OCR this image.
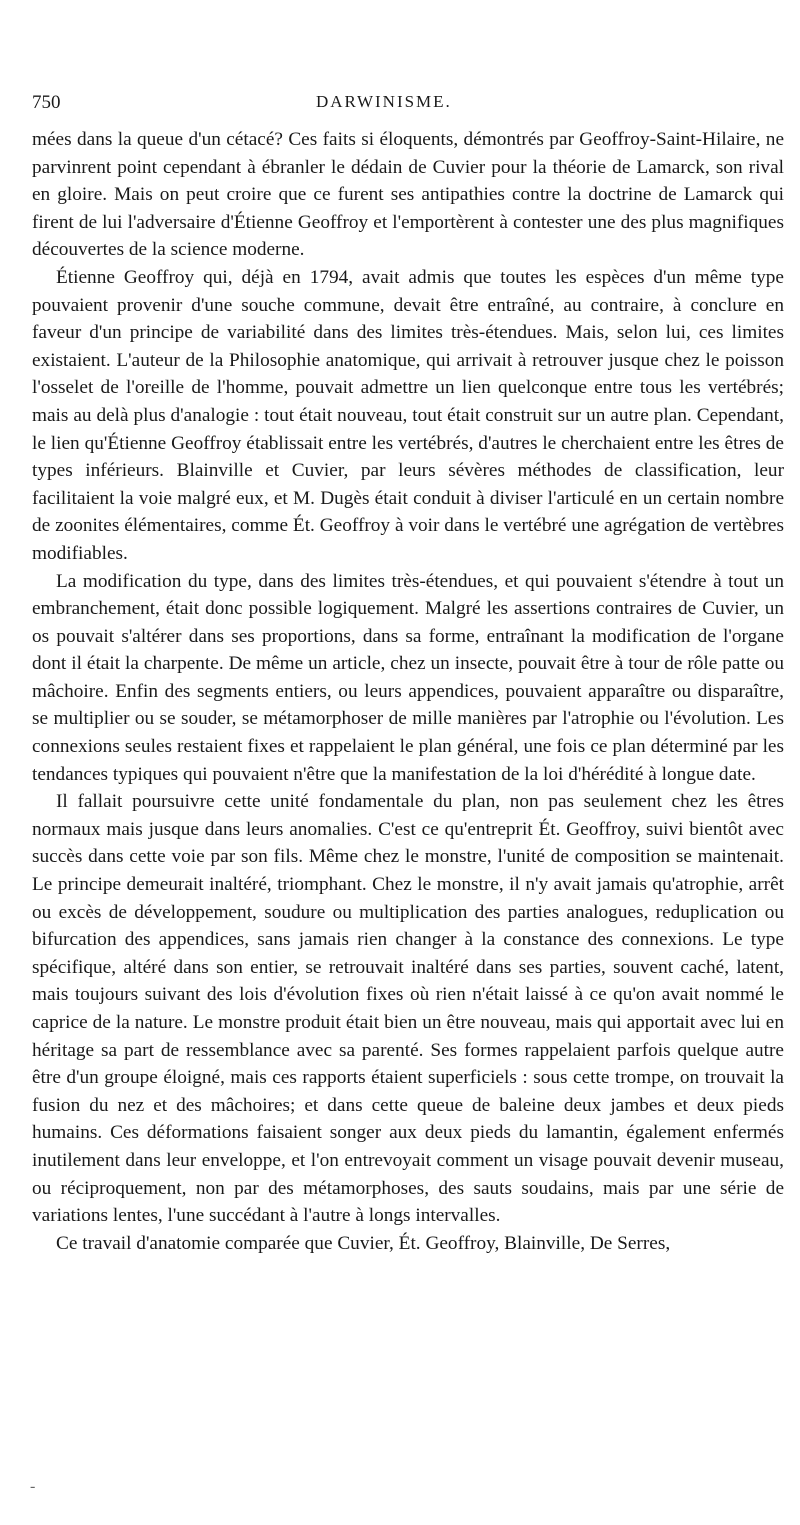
750	DARWINISME.

mées dans la queue d'un cétacé? Ces faits si éloquents, démontrés par Geoffroy-Saint-Hilaire, ne parvinrent point cependant à ébranler le dédain de Cuvier pour la théorie de Lamarck, son rival en gloire. Mais on peut croire que ce furent ses antipathies contre la doctrine de Lamarck qui firent de lui l'adversaire d'Étienne Geoffroy et l'emportèrent à contester une des plus magnifiques découvertes de la science moderne.

Étienne Geoffroy qui, déjà en 1794, avait admis que toutes les espèces d'un même type pouvaient provenir d'une souche commune, devait être entraîné, au contraire, à conclure en faveur d'un principe de variabilité dans des limites très-étendues. Mais, selon lui, ces limites existaient. L'auteur de la Philosophie anatomique, qui arrivait à retrouver jusque chez le poisson l'osselet de l'oreille de l'homme, pouvait admettre un lien quelconque entre tous les vertébrés; mais au delà plus d'analogie : tout était nouveau, tout était construit sur un autre plan. Cependant, le lien qu'Étienne Geoffroy établissait entre les vertébrés, d'autres le cherchaient entre les êtres de types inférieurs. Blainville et Cuvier, par leurs sévères méthodes de classification, leur facilitaient la voie malgré eux, et M. Dugès était conduit à diviser l'articulé en un certain nombre de zoonites élémentaires, comme Ét. Geoffroy à voir dans le vertébré une agrégation de vertèbres modifiables.

La modification du type, dans des limites très-étendues, et qui pouvaient s'étendre à tout un embranchement, était donc possible logiquement. Malgré les assertions contraires de Cuvier, un os pouvait s'altérer dans ses proportions, dans sa forme, entraînant la modification de l'organe dont il était la charpente. De même un article, chez un insecte, pouvait être à tour de rôle patte ou mâchoire. Enfin des segments entiers, ou leurs appendices, pouvaient apparaître ou disparaître, se multiplier ou se souder, se métamorphoser de mille manières par l'atrophie ou l'évolution. Les connexions seules restaient fixes et rappelaient le plan général, une fois ce plan déterminé par les tendances typiques qui pouvaient n'être que la manifestation de la loi d'hérédité à longue date.

Il fallait poursuivre cette unité fondamentale du plan, non pas seulement chez les êtres normaux mais jusque dans leurs anomalies. C'est ce qu'entreprit Ét. Geoffroy, suivi bientôt avec succès dans cette voie par son fils. Même chez le monstre, l'unité de composition se maintenait. Le principe demeurait inaltéré, triomphant. Chez le monstre, il n'y avait jamais qu'atrophie, arrêt ou excès de développement, soudure ou multiplication des parties analogues, reduplication ou bifurcation des appendices, sans jamais rien changer à la constance des connexions. Le type spécifique, altéré dans son entier, se retrouvait inaltéré dans ses parties, souvent caché, latent, mais toujours suivant des lois d'évolution fixes où rien n'était laissé à ce qu'on avait nommé le caprice de la nature. Le monstre produit était bien un être nouveau, mais qui apportait avec lui en héritage sa part de ressemblance avec sa parenté. Ses formes rappelaient parfois quelque autre être d'un groupe éloigné, mais ces rapports étaient superficiels : sous cette trompe, on trouvait la fusion du nez et des mâchoires; et dans cette queue de baleine deux jambes et deux pieds humains. Ces déformations faisaient songer aux deux pieds du lamantin, également enfermés inutilement dans leur enveloppe, et l'on entrevoyait comment un visage pouvait devenir museau, ou réciproquement, non par des métamorphoses, des sauts soudains, mais par une série de variations lentes, l'une succédant à l'autre à longs intervalles.

Ce travail d'anatomie comparée que Cuvier, Ét. Geoffroy, Blainville, De Serres,

-
